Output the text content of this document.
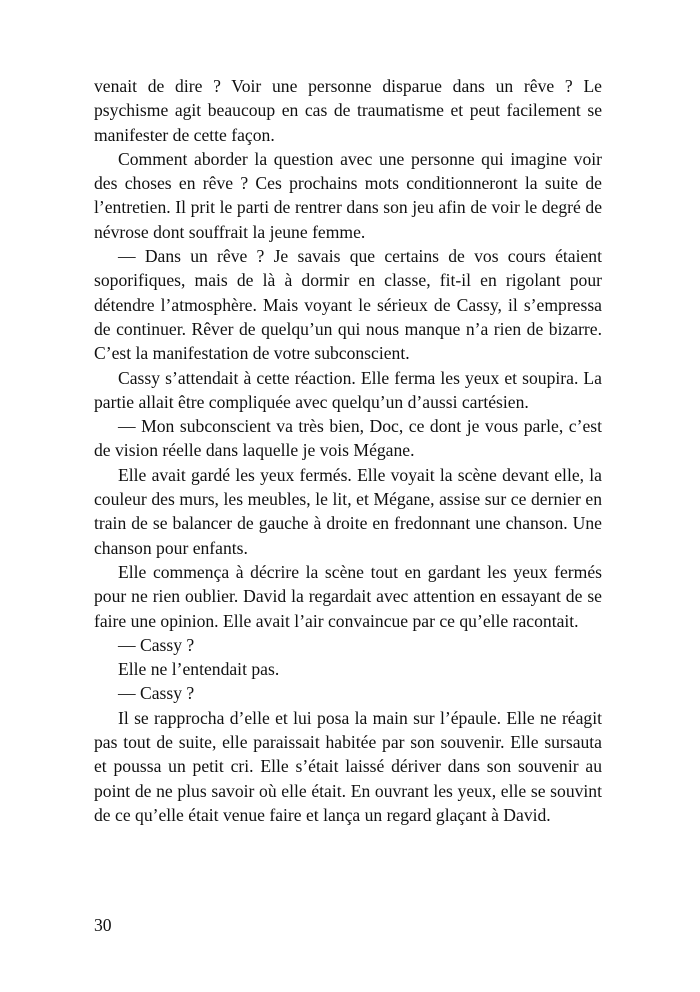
venait de dire ? Voir une personne disparue dans un rêve ? Le psychisme agit beaucoup en cas de traumatisme et peut facilement se manifester de cette façon.

Comment aborder la question avec une personne qui imagine voir des choses en rêve ? Ces prochains mots conditionneront la suite de l’entretien. Il prit le parti de rentrer dans son jeu afin de voir le degré de névrose dont souffrait la jeune femme.

— Dans un rêve ? Je savais que certains de vos cours étaient soporifiques, mais de là à dormir en classe, fit-il en rigolant pour détendre l’atmosphère. Mais voyant le sérieux de Cassy, il s’empressa de continuer. Rêver de quelqu’un qui nous manque n’a rien de bizarre. C’est la manifestation de votre subconscient.

Cassy s’attendait à cette réaction. Elle ferma les yeux et soupira. La partie allait être compliquée avec quelqu’un d’aussi cartésien.

— Mon subconscient va très bien, Doc, ce dont je vous parle, c’est de vision réelle dans laquelle je vois Mégane.

Elle avait gardé les yeux fermés. Elle voyait la scène devant elle, la couleur des murs, les meubles, le lit, et Mégane, assise sur ce dernier en train de se balancer de gauche à droite en fredonnant une chanson. Une chanson pour enfants.

Elle commença à décrire la scène tout en gardant les yeux fermés pour ne rien oublier. David la regardait avec attention en essayant de se faire une opinion. Elle avait l’air convaincue par ce qu’elle racontait.

— Cassy ?

Elle ne l’entendait pas.

— Cassy ?

Il se rapprocha d’elle et lui posa la main sur l’épaule. Elle ne réagit pas tout de suite, elle paraissait habitée par son souvenir. Elle sursauta et poussa un petit cri. Elle s’était laissé dériver dans son souvenir au point de ne plus savoir où elle était. En ouvrant les yeux, elle se souvint de ce qu’elle était venue faire et lança un regard glaçant à David.

30
